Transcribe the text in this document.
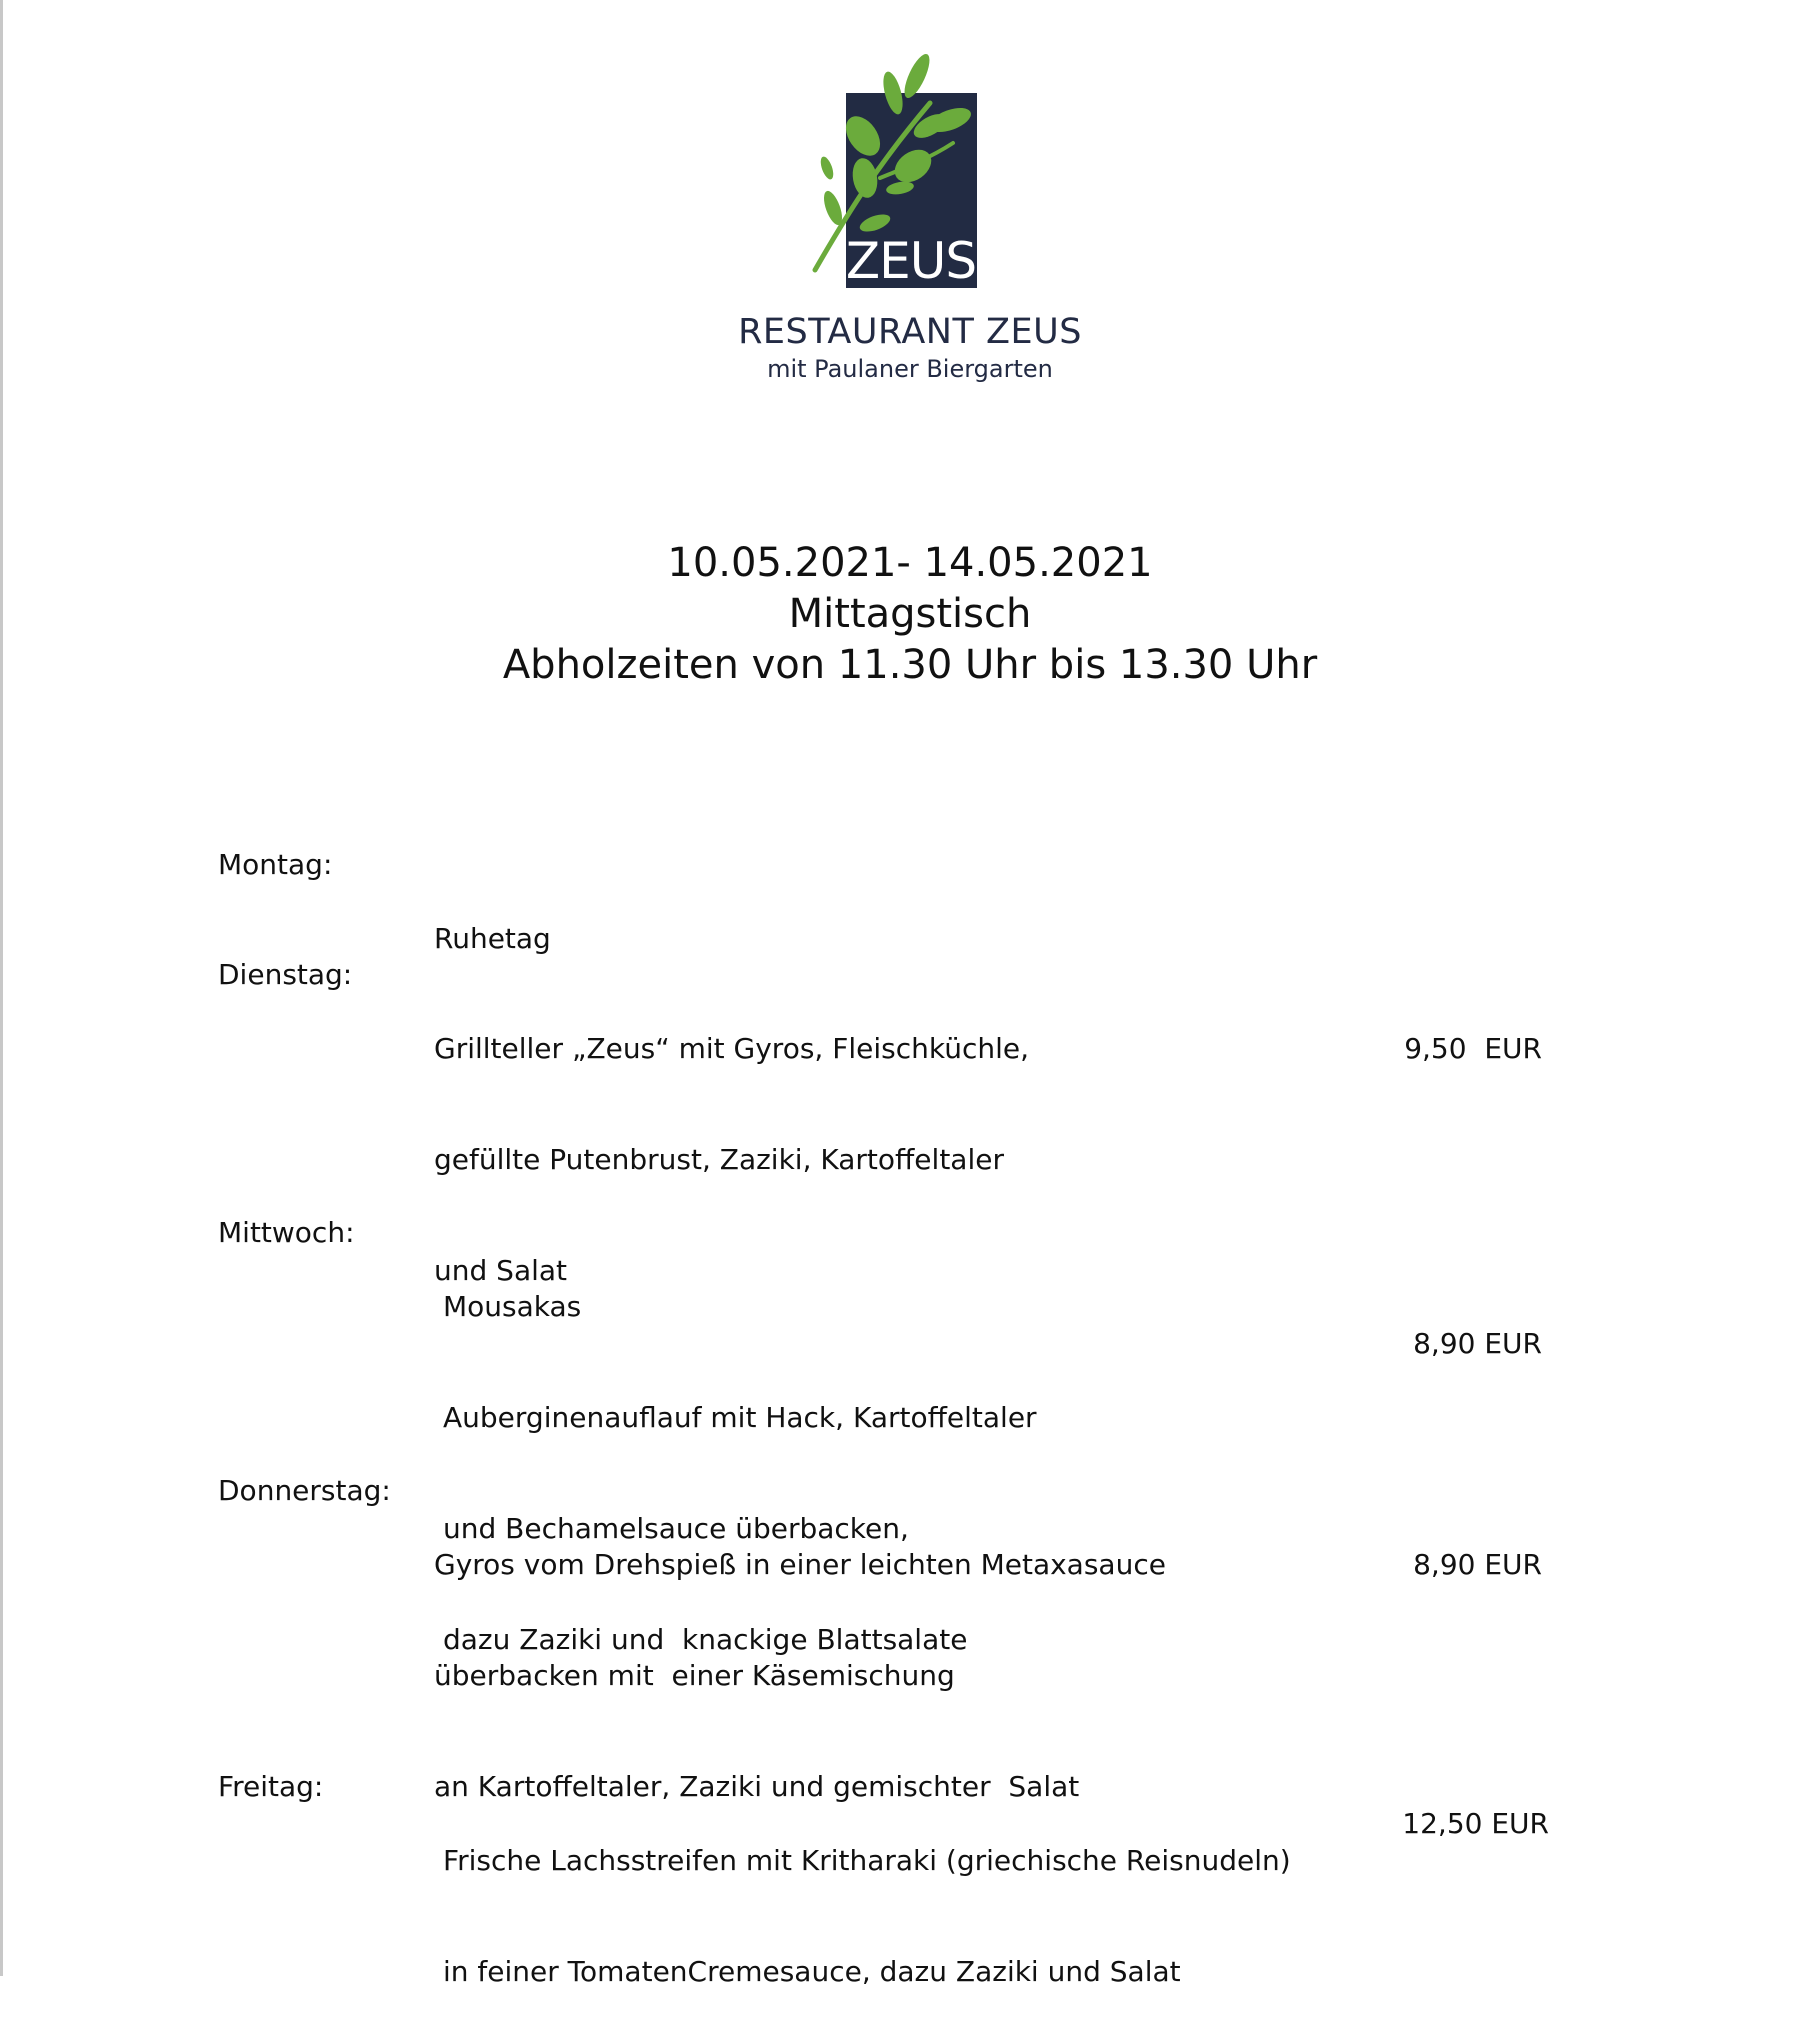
ZEUS
RESTAURANT ZEUS
mit Paulaner Biergarten
10.05.2021- 14.05.2021
Mittagstisch
Abholzeiten von 11.30 Uhr bis 13.30 Uhr
Montag:

Ruhetag

Dienstag:

Grillteller „Zeus“ mit Gyros, Fleischküchle,

gefüllte Putenbrust, Zaziki, Kartoffeltaler

und Salat

9,50  EUR
Mittwoch:

Mousakas

Auberginenauflauf mit Hack, Kartoffeltaler

und Bechamelsauce überbacken,

dazu Zaziki und  knackige Blattsalate

8,90 EUR
Donnerstag:

Gyros vom Drehspieß in einer leichten Metaxasauce

überbacken mit  einer Käsemischung

an Kartoffeltaler, Zaziki und gemischter  Salat

8,90 EUR
Freitag:

Frische Lachsstreifen mit Kritharaki (griechische Reisnudeln)

in feiner TomatenCremesauce, dazu Zaziki und Salat

12,50 EUR
